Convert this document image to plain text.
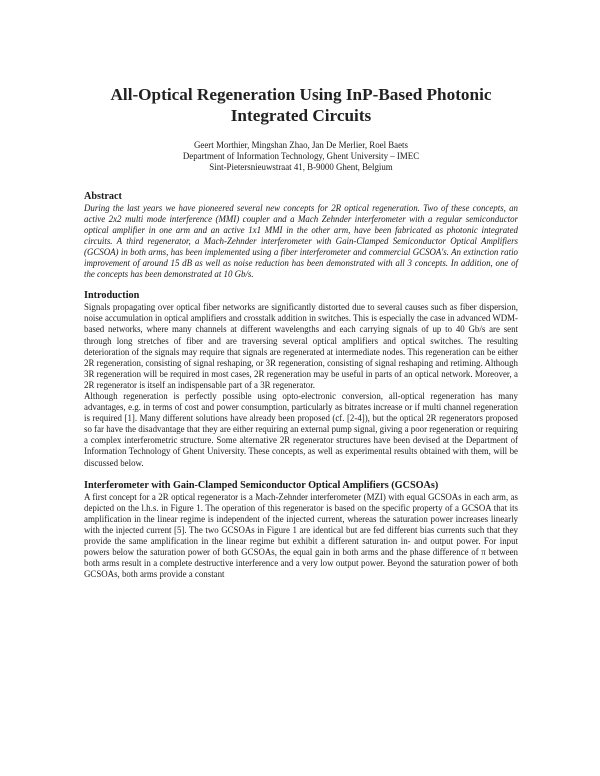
All-Optical Regeneration Using InP-Based Photonic
Integrated Circuits

Geert Morthier, Mingshan Zhao, Jan De Merlier, Roel Baets

Department of Information Technology, Ghent University – IMEC

Sint-Pietersnieuwstraat 41, B-9000 Ghent, Belgium

Abstract

During the last years we have pioneered several new concepts for 2R optical regeneration. Two of these concepts, an active 2x2 multi mode interference (MMI) coupler and a Mach Zehnder interferometer with a regular semiconductor optical amplifier in one arm and an active 1x1 MMI in the other arm, have been fabricated as photonic integrated circuits. A third regenerator, a Mach-Zehnder interferometer with Gain-Clamped Semiconductor Optical Amplifiers (GCSOA) in both arms, has been implemented using a fiber interferometer and commercial GCSOA's. An extinction ratio improvement of around 15 dB as well as noise reduction has been demonstrated with all 3 concepts. In addition, one of the concepts has been demonstrated at 10 Gb/s.

Introduction

Signals propagating over optical fiber networks are significantly distorted due to several causes such as fiber dispersion, noise accumulation in optical amplifiers and crosstalk addition in switches. This is especially the case in advanced WDM-based networks, where many channels at different wavelengths and each carrying signals of up to 40 Gb/s are sent through long stretches of fiber and are traversing several optical amplifiers and optical switches. The resulting deterioration of the signals may require that signals are regenerated at intermediate nodes. This regeneration can be either 2R regeneration, consisting of signal reshaping, or 3R regeneration, consisting of signal reshaping and retiming. Although 3R regeneration will be required in most cases, 2R regeneration may be useful in parts of an optical network. Moreover, a 2R regenerator is itself an indispensable part of a 3R regenerator.

Although regeneration is perfectly possible using opto-electronic conversion, all-optical regeneration has many advantages, e.g. in terms of cost and power consumption, particularly as bitrates increase or if multi channel regeneration is required [1]. Many different solutions have already been proposed (cf. [2-4]), but the optical 2R regenerators proposed so far have the disadvantage that they are either requiring an external pump signal, giving a poor regeneration or requiring a complex interferometric structure. Some alternative 2R regenerator structures have been devised at the Department of Information Technology of Ghent University. These concepts, as well as experimental results obtained with them, will be discussed below.

Interferometer with Gain-Clamped Semiconductor Optical Amplifiers (GCSOAs)

A first concept for a 2R optical regenerator is a Mach-Zehnder interferometer (MZI) with equal GCSOAs in each arm, as depicted on the l.h.s. in Figure 1. The operation of this regenerator is based on the specific property of a GCSOA that its amplification in the linear regime is independent of the injected current, whereas the saturation power increases linearly with the injected current [5]. The two GCSOAs in Figure 1 are identical but are fed different bias currents such that they provide the same amplification in the linear regime but exhibit a different saturation in- and output power. For input powers below the saturation power of both GCSOAs, the equal gain in both arms and the phase difference of π between both arms result in a complete destructive interference and a very low output power. Beyond the saturation power of both GCSOAs, both arms provide a constant
